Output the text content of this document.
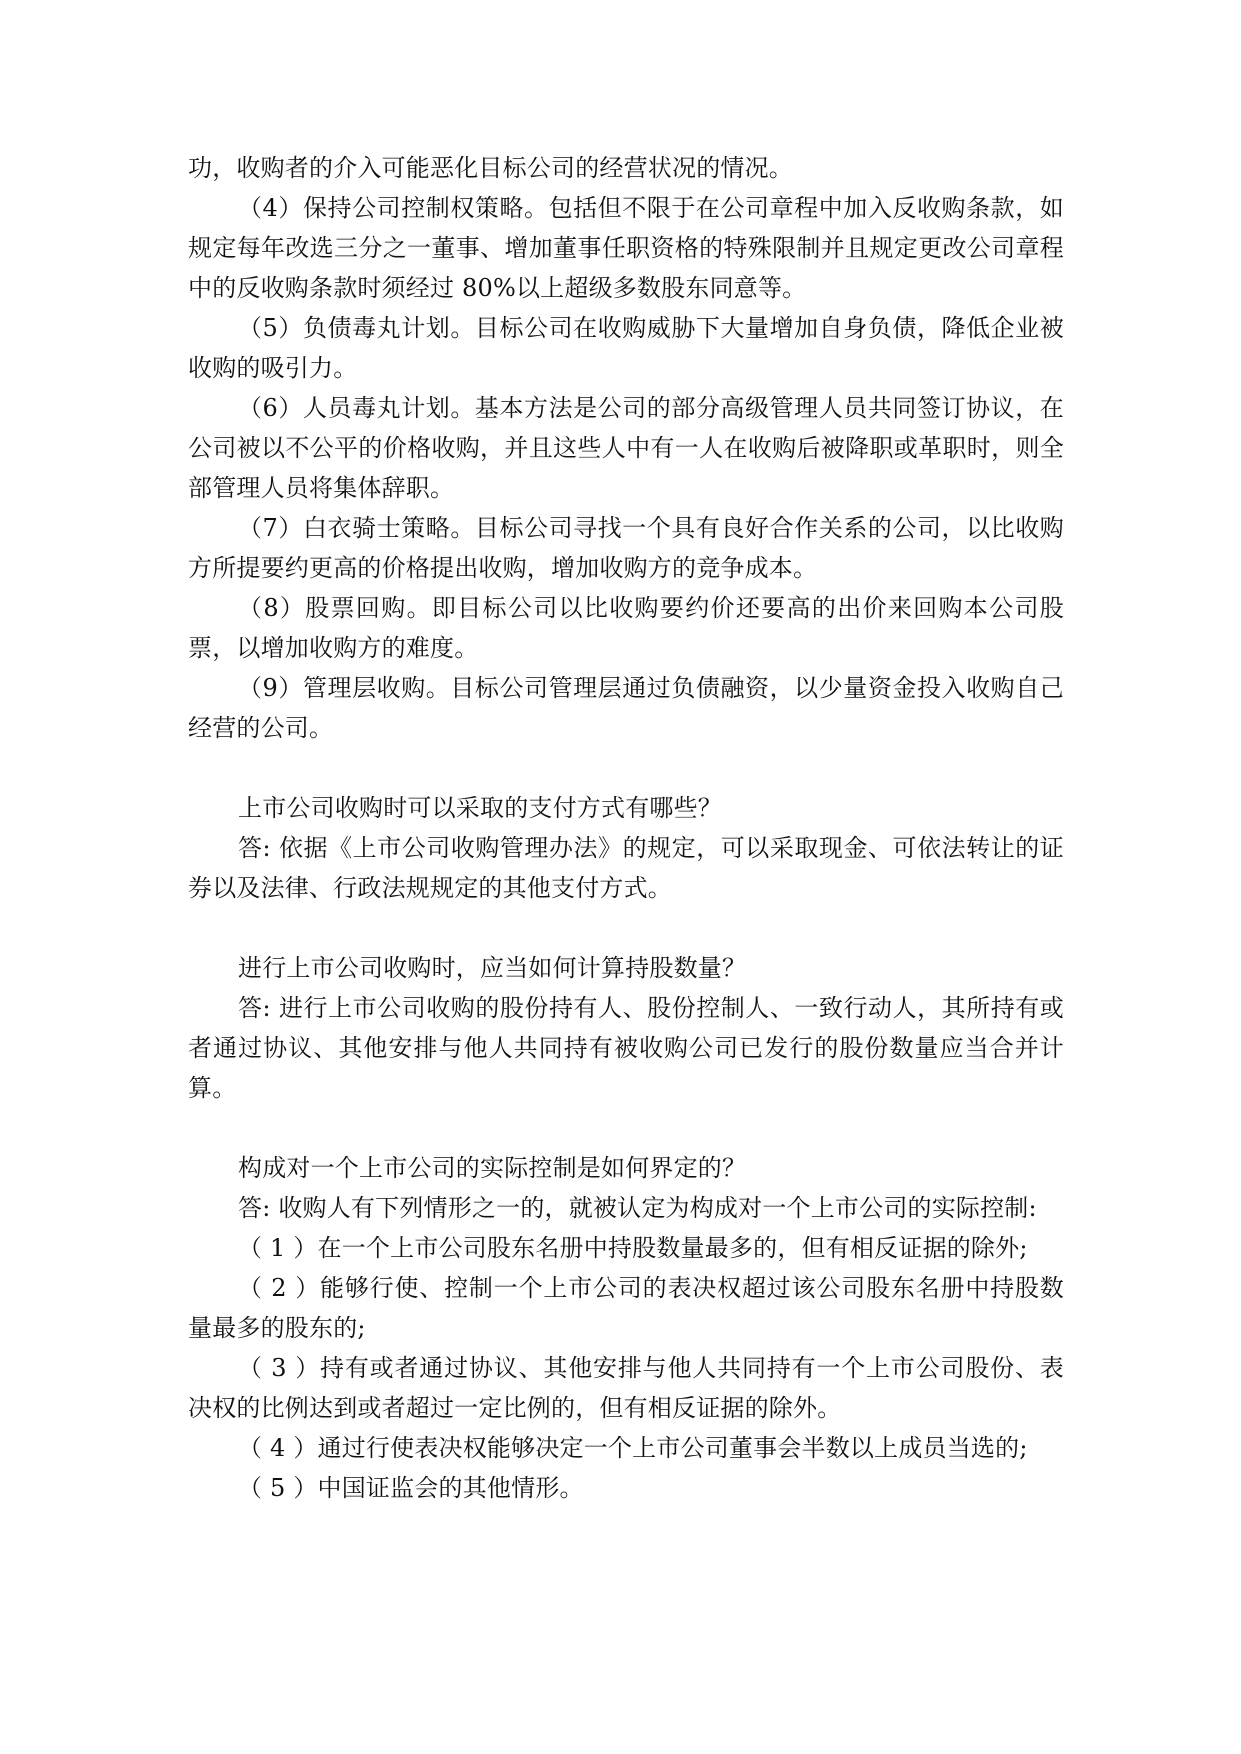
功，收购者的介入可能恶化目标公司的经营状况的情况。

（4）保持公司控制权策略。包括但不限于在公司章程中加入反收购条款，如规定每年改选三分之一董事、增加董事任职资格的特殊限制并且规定更改公司章程中的反收购条款时须经过 80%以上超级多数股东同意等。

（5）负债毒丸计划。目标公司在收购威胁下大量增加自身负债，降低企业被收购的吸引力。

（6）人员毒丸计划。基本方法是公司的部分高级管理人员共同签订协议，在公司被以不公平的价格收购，并且这些人中有一人在收购后被降职或革职时，则全部管理人员将集体辞职。

（7）白衣骑士策略。目标公司寻找一个具有良好合作关系的公司，以比收购方所提要约更高的价格提出收购，增加收购方的竞争成本。

（8）股票回购。即目标公司以比收购要约价还要高的出价来回购本公司股票，以增加收购方的难度。

（9）管理层收购。目标公司管理层通过负债融资，以少量资金投入收购自己经营的公司。

上市公司收购时可以采取的支付方式有哪些？

答: 依据《上市公司收购管理办法》的规定，可以采取现金、可依法转让的证券以及法律、行政法规规定的其他支付方式。

进行上市公司收购时，应当如何计算持股数量？

答: 进行上市公司收购的股份持有人、股份控制人、一致行动人，其所持有或者通过协议、其他安排与他人共同持有被收购公司已发行的股份数量应当合并计算。

构成对一个上市公司的实际控制是如何界定的？

答: 收购人有下列情形之一的，就被认定为构成对一个上市公司的实际控制:

（ 1 ）在一个上市公司股东名册中持股数量最多的，但有相反证据的除外;

（ 2 ）能够行使、控制一个上市公司的表决权超过该公司股东名册中持股数量最多的股东的;

（ 3 ）持有或者通过协议、其他安排与他人共同持有一个上市公司股份、表决权的比例达到或者超过一定比例的，但有相反证据的除外。

（ 4 ）通过行使表决权能够决定一个上市公司董事会半数以上成员当选的;

（ 5 ）中国证监会的其他情形。
